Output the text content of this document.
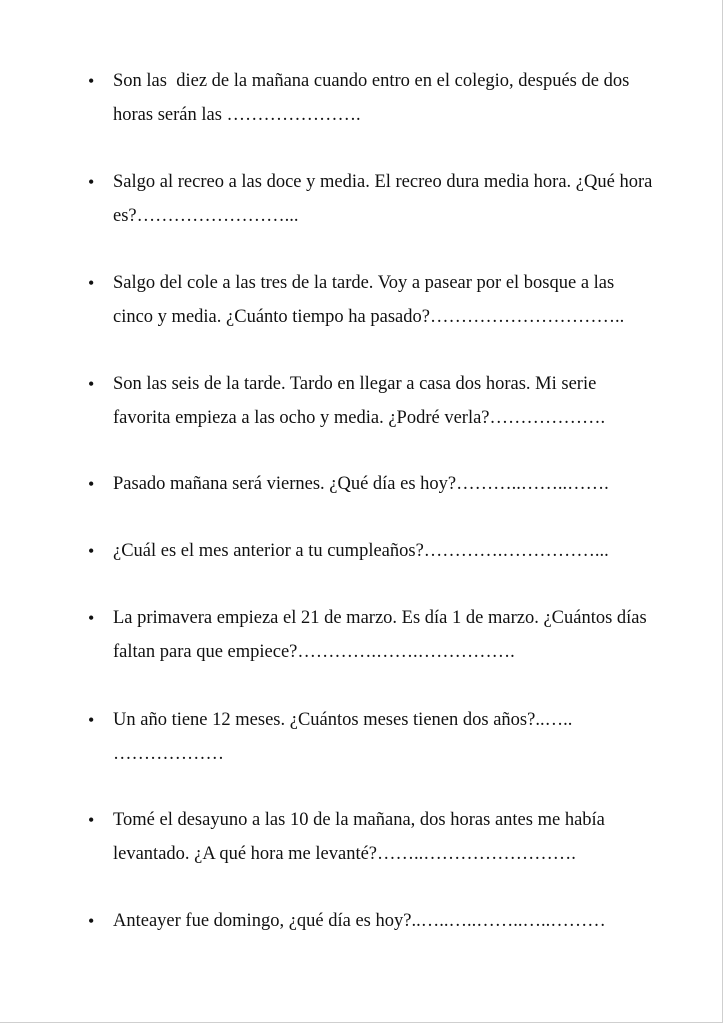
• Son las  diez de la mañana cuando entro en el colegio, después de dos horas serán las ………………….
• Salgo al recreo a las doce y media. El recreo dura media hora. ¿Qué hora es?……………………...
• Salgo del cole a las tres de la tarde. Voy a pasear por el bosque a las cinco y media. ¿Cuánto tiempo ha pasado?…………………………..
• Son las seis de la tarde. Tardo en llegar a casa dos horas. Mi serie favorita empieza a las ocho y media. ¿Podré verla?……………….
• Pasado mañana será viernes. ¿Qué día es hoy?………..……..…….
• ¿Cuál es el mes anterior a tu cumpleaños?………….……………...
• La primavera empieza el 21 de marzo. Es día 1 de marzo. ¿Cuántos días faltan para que empiece?………….…….…………….
• Un año tiene 12 meses. ¿Cuántos meses tienen dos años?..….. ………………
• Tomé el desayuno a las 10 de la mañana, dos horas antes me había levantado. ¿A qué hora me levanté?……..…………………….
• Anteayer fue domingo, ¿qué día es hoy?..…..…..……..…..………
